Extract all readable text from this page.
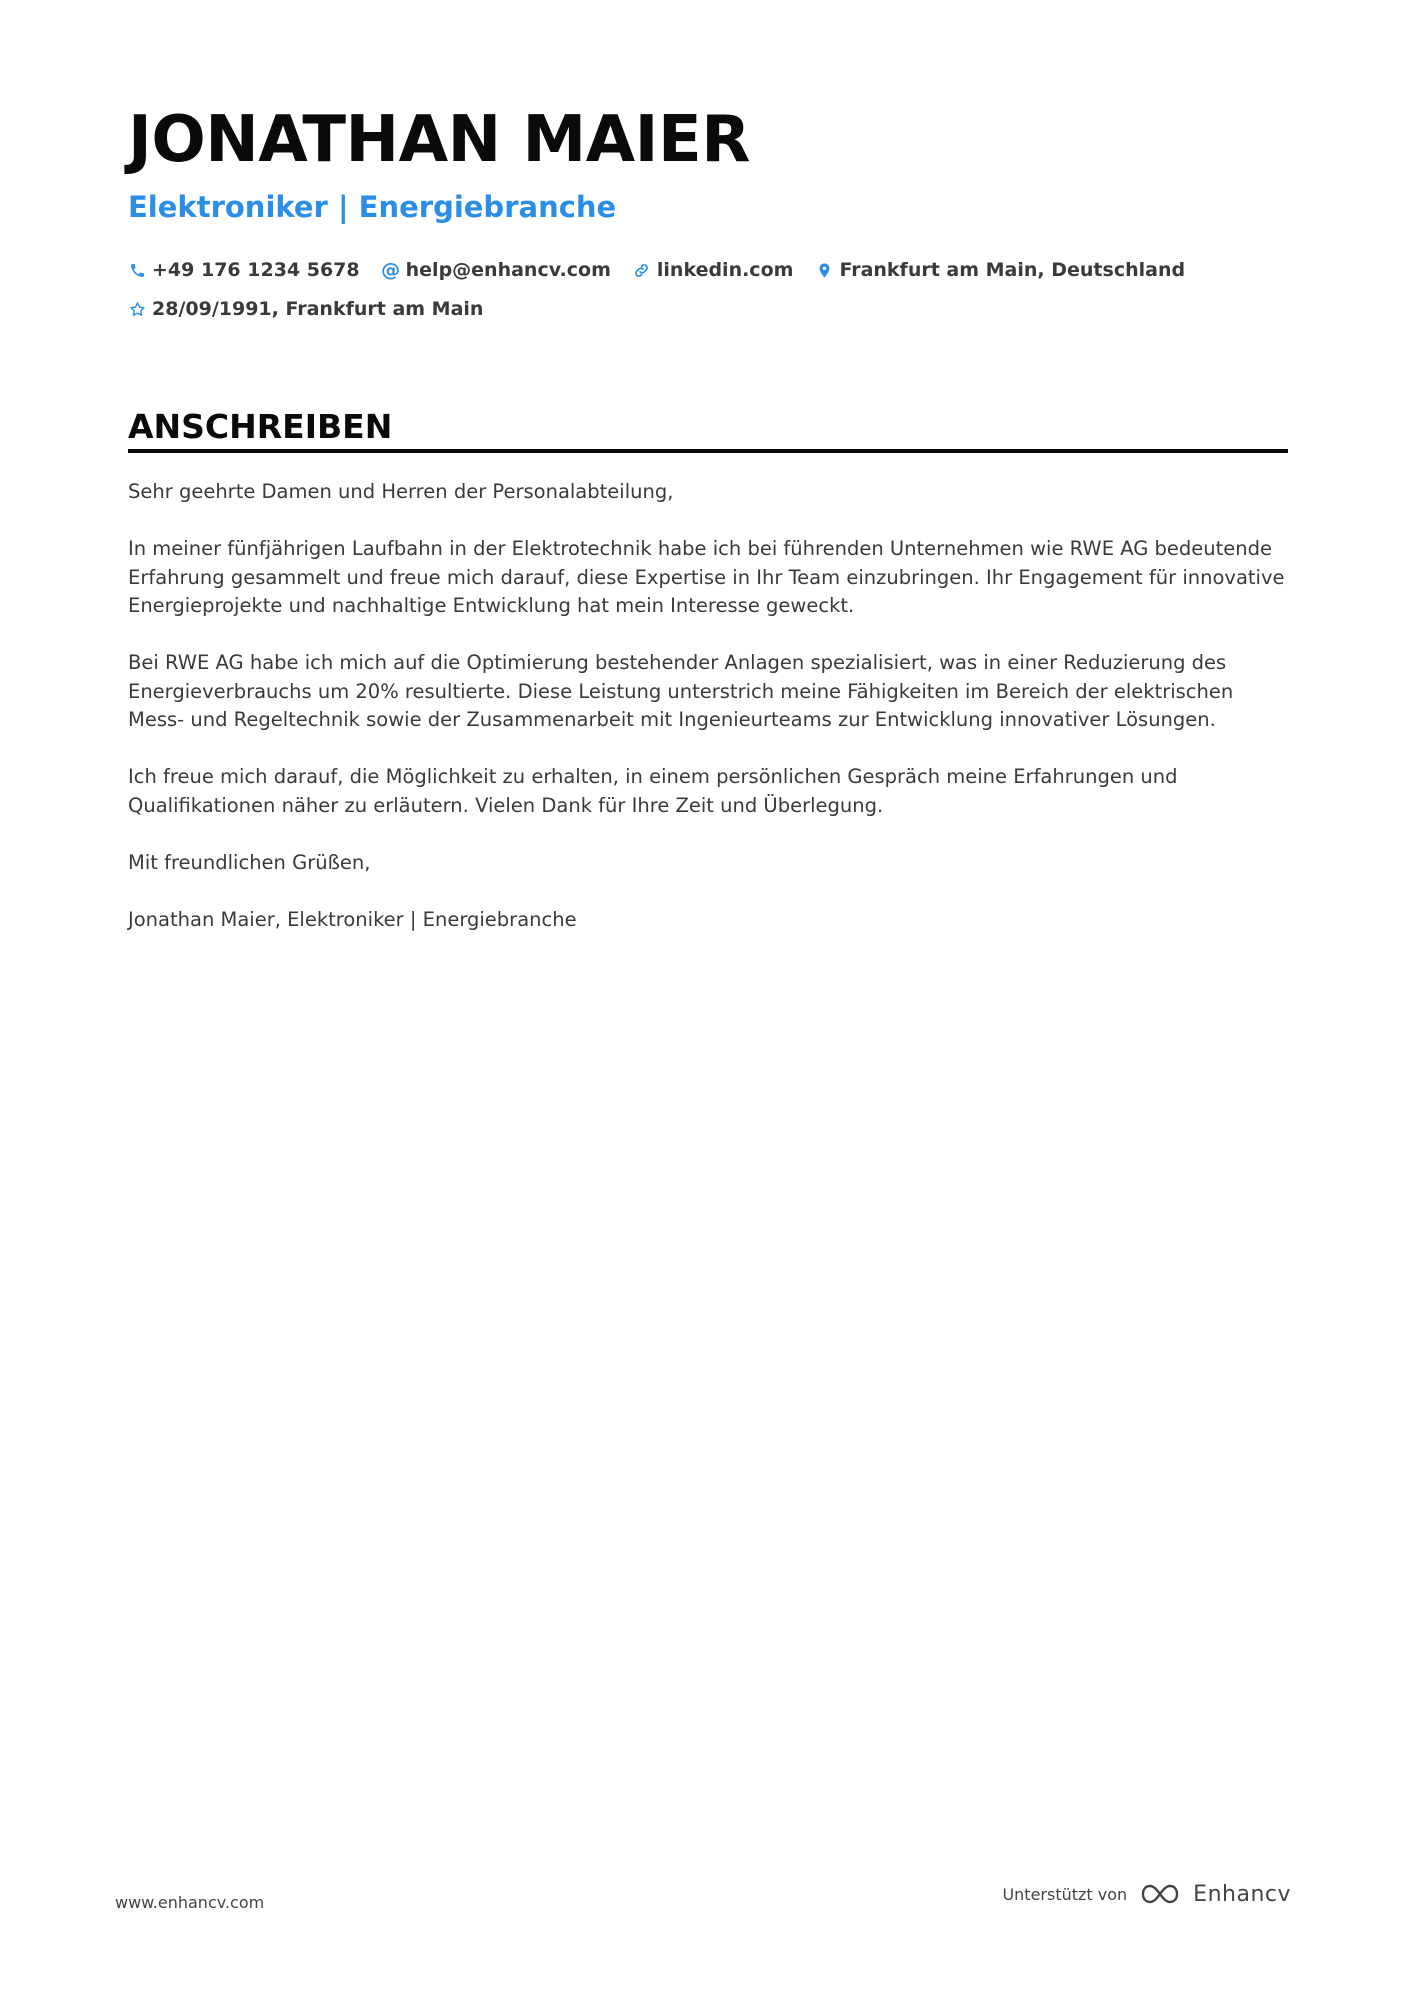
JONATHAN MAIER
Elektroniker | Energiebranche
+49 176 1234 5678 @ help@enhancv.com linkedin.com Frankfurt am Main, Deutschland
28/09/1991, Frankfurt am Main
ANSCHREIBEN

Sehr geehrte Damen und Herren der Personalabteilung,

In meiner fünfjährigen Laufbahn in der Elektrotechnik habe ich bei führenden Unternehmen wie RWE AG bedeutende Erfahrung gesammelt und freue mich darauf, diese Expertise in Ihr Team einzubringen. Ihr Engagement für innovative Energieprojekte und nachhaltige Entwicklung hat mein Interesse geweckt.

Bei RWE AG habe ich mich auf die Optimierung bestehender Anlagen spezialisiert, was in einer Reduzierung des Energieverbrauchs um 20% resultierte. Diese Leistung unterstrich meine Fähigkeiten im Bereich der elektrischen Mess- und Regeltechnik sowie der Zusammenarbeit mit Ingenieurteams zur Entwicklung innovativer Lösungen.

Ich freue mich darauf, die Möglichkeit zu erhalten, in einem persönlichen Gespräch meine Erfahrungen und Qualifikationen näher zu erläutern. Vielen Dank für Ihre Zeit und Überlegung.

Mit freundlichen Grüßen,

Jonathan Maier, Elektroniker | Energiebranche

www.enhancv.com	Unterstützt von	Enhancv
